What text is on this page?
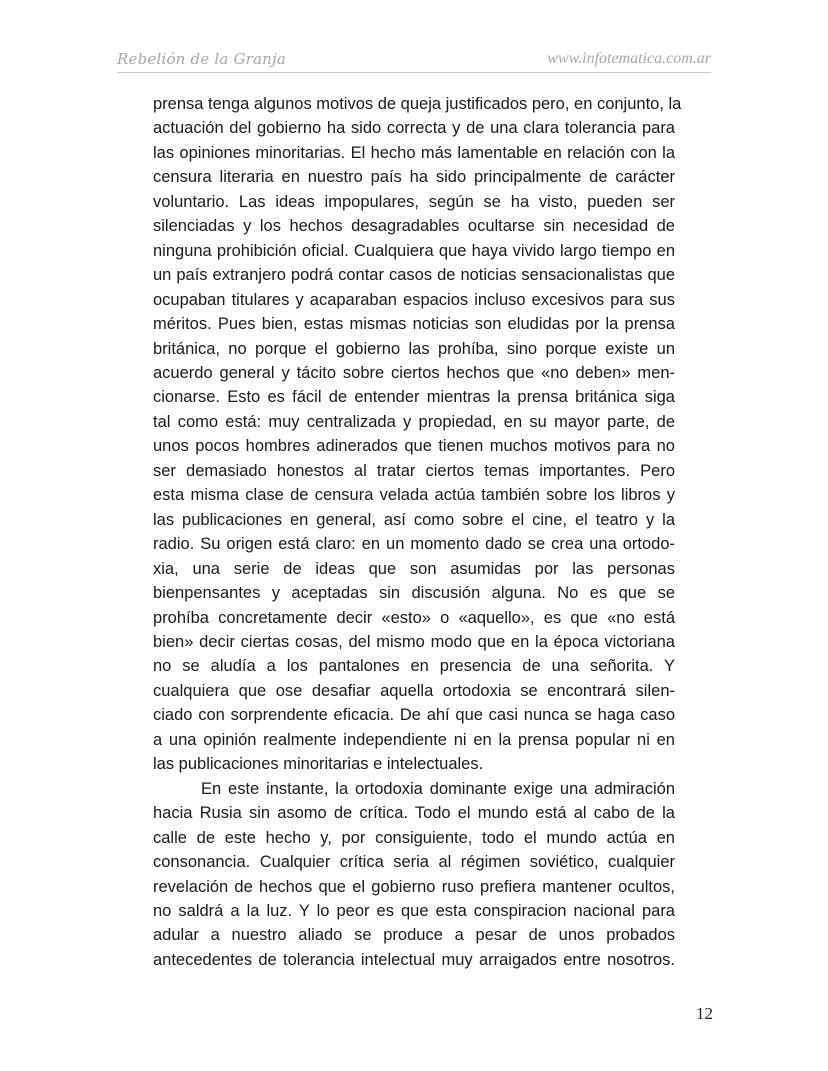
Rebelión de la Granja	www.infotematica.com.ar
prensa tenga algunos motivos de queja justificados pero, en conjunto, la
actuación del gobierno ha sido correcta y de una clara tolerancia para
las opiniones minoritarias. El hecho más lamentable en relación con la
censura literaria en nuestro país ha sido principalmente de carácter
voluntario. Las ideas impopulares, según se ha visto, pueden ser
silenciadas y los hechos desagradables ocultarse sin necesidad de
ninguna prohibición oficial. Cualquiera que haya vivido largo tiempo en
un país extranjero podrá contar casos de noticias sensacionalistas que
ocupaban titulares y acaparaban espacios incluso excesivos para sus
méritos. Pues bien, estas mismas noticias son eludidas por la prensa
británica, no porque el gobierno las prohíba, sino porque existe un
acuerdo general y tácito sobre ciertos hechos que «no deben» men-
cionarse. Esto es fácil de entender mientras la prensa británica siga
tal como está: muy centralizada y propiedad, en su mayor parte, de
unos pocos hombres adinerados que tienen muchos motivos para no
ser demasiado honestos al tratar ciertos temas importantes. Pero
esta misma clase de censura velada actúa también sobre los libros y
las publicaciones en general, así como sobre el cine, el teatro y la
radio. Su origen está claro: en un momento dado se crea una ortodo-
xia, una serie de ideas que son asumidas por las personas
bienpensantes y aceptadas sin discusión alguna. No es que se
prohíba concretamente decir «esto» o «aquello», es que «no está
bien» decir ciertas cosas, del mismo modo que en la época victoriana
no se aludía a los pantalones en presencia de una señorita. Y
cualquiera que ose desafiar aquella ortodoxia se encontrará silen-
ciado con sorprendente eficacia. De ahí que casi nunca se haga caso
a una opinión realmente independiente ni en la prensa popular ni en
las publicaciones minoritarias e intelectuales.
En este instante, la ortodoxia dominante exige una admiración
hacia Rusia sin asomo de crítica. Todo el mundo está al cabo de la
calle de este hecho y, por consiguiente, todo el mundo actúa en
consonancia. Cualquier crítica seria al régimen soviético, cualquier
revelación de hechos que el gobierno ruso prefiera mantener ocultos,
no saldrá a la luz. Y lo peor es que esta conspiracion nacional para
adular a nuestro aliado se produce a pesar de unos probados
antecedentes de tolerancia intelectual muy arraigados entre nosotros.
12
